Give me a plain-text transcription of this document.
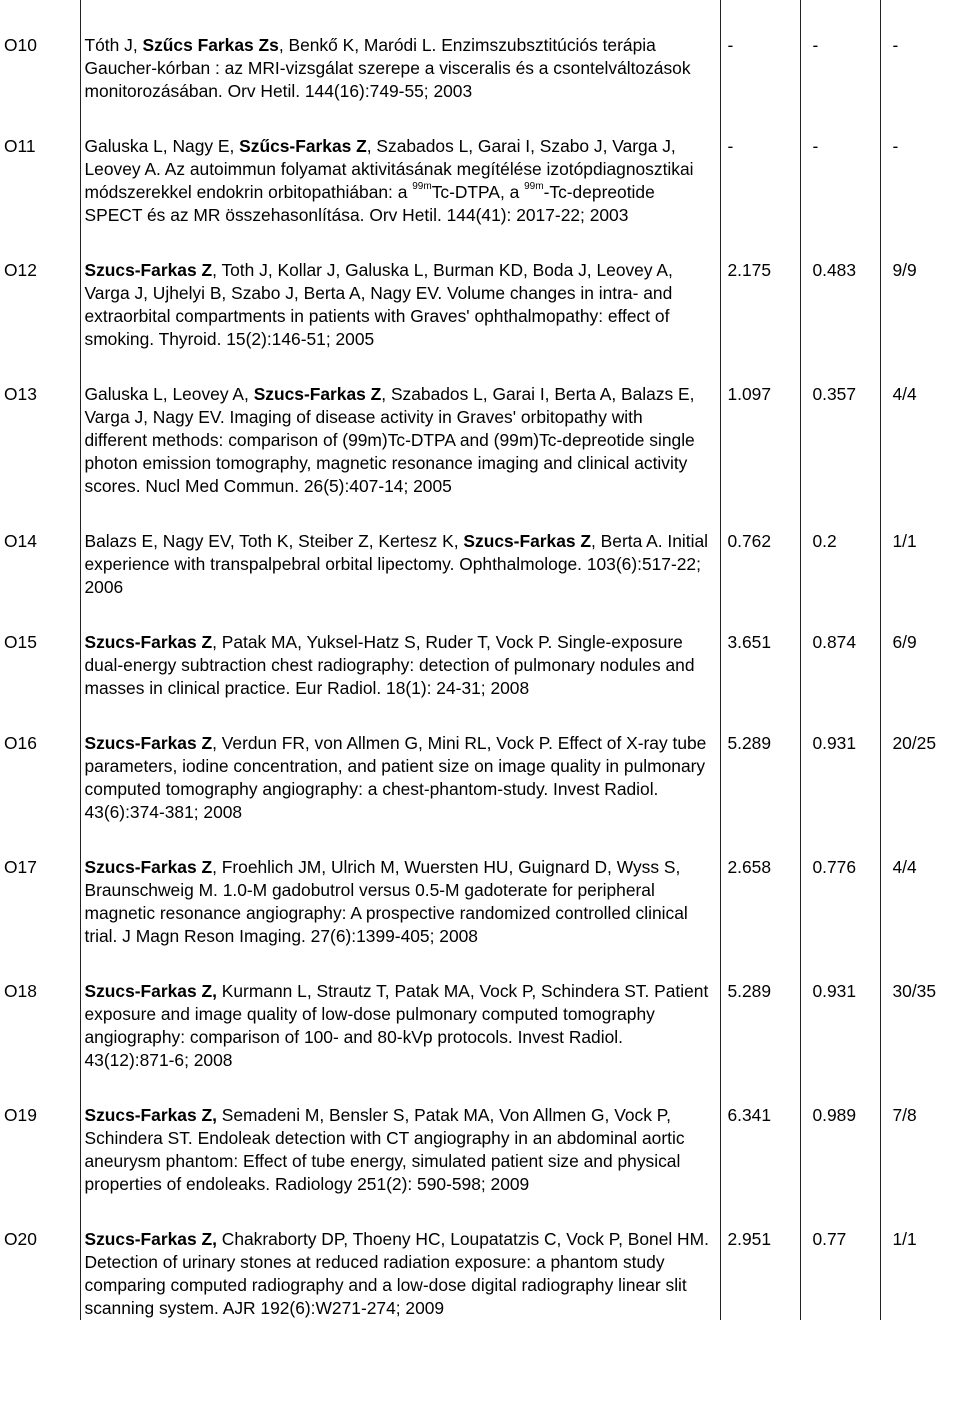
O10	Tóth J, Szűcs Farkas Zs, Benkő K, Maródi L. Enzimszubsztitúciós terápia Gaucher-kórban : az MRI-vizsgálat szerepe a visceralis és a csontelváltozások monitorozásában. Orv Hetil. 144(16):749-55; 2003	-	-	-
O11	Galuska L, Nagy E, Szűcs-Farkas Z, Szabados L, Garai I, Szabo J, Varga J, Leovey A. Az autoimmun folyamat aktivitásának megítélése izotópdiagnosztikai módszerekkel endokrin orbitopathiában: a $^{99m}$Tc-DTPA, a $^{99m}$-Tc-depreotide SPECT és az MR összehasonlítása. Orv Hetil. 144(41): 2017-22; 2003	-	-	-
O12	Szucs-Farkas Z, Toth J, Kollar J, Galuska L, Burman KD, Boda J, Leovey A, Varga J, Ujhelyi B, Szabo J, Berta A, Nagy EV. Volume changes in intra- and extraorbital compartments in patients with Graves' ophthalmopathy: effect of smoking. Thyroid. 15(2):146-51; 2005	2.175	0.483	9/9
O13	Galuska L, Leovey A, Szucs-Farkas Z, Szabados L, Garai I, Berta A, Balazs E, Varga J, Nagy EV. Imaging of disease activity in Graves' orbitopathy with different methods: comparison of (99m)Tc-DTPA and (99m)Tc-depreotide single photon emission tomography, magnetic resonance imaging and clinical activity scores. Nucl Med Commun. 26(5):407-14; 2005	1.097	0.357	4/4
O14	Balazs E, Nagy EV, Toth K, Steiber Z, Kertesz K, Szucs-Farkas Z, Berta A. Initial experience with transpalpebral orbital lipectomy. Ophthalmologe. 103(6):517-22; 2006	0.762	0.2	1/1
O15	Szucs-Farkas Z, Patak MA, Yuksel-Hatz S, Ruder T, Vock P. Single-exposure dual-energy subtraction chest radiography: detection of pulmonary nodules and masses in clinical practice. Eur Radiol. 18(1): 24-31; 2008	3.651	0.874	6/9
O16	Szucs-Farkas Z, Verdun FR, von Allmen G, Mini RL, Vock P. Effect of X-ray tube parameters, iodine concentration, and patient size on image quality in pulmonary computed tomography angiography: a chest-phantom-study. Invest Radiol. 43(6):374-381; 2008	5.289	0.931	20/25
O17	Szucs-Farkas Z, Froehlich JM, Ulrich M, Wuersten HU, Guignard D, Wyss S, Braunschweig M. 1.0-M gadobutrol versus 0.5-M gadoterate for peripheral magnetic resonance angiography: A prospective randomized controlled clinical trial. J Magn Reson Imaging. 27(6):1399-405; 2008	2.658	0.776	4/4
O18	Szucs-Farkas Z, Kurmann L, Strautz T, Patak MA, Vock P, Schindera ST. Patient exposure and image quality of low-dose pulmonary computed tomography angiography: comparison of 100- and 80-kVp protocols. Invest Radiol. 43(12):871-6; 2008	5.289	0.931	30/35
O19	Szucs-Farkas Z, Semadeni M, Bensler S, Patak MA, Von Allmen G, Vock P, Schindera ST. Endoleak detection with CT angiography in an abdominal aortic aneurysm phantom: Effect of tube energy, simulated patient size and physical properties of endoleaks. Radiology 251(2): 590-598; 2009	6.341	0.989	7/8
O20	Szucs-Farkas Z, Chakraborty DP, Thoeny HC, Loupatatzis C, Vock P, Bonel HM. Detection of urinary stones at reduced radiation exposure: a phantom study comparing computed radiography and a low-dose digital radiography linear slit scanning system. AJR 192(6):W271-274; 2009	2.951	0.77	1/1
